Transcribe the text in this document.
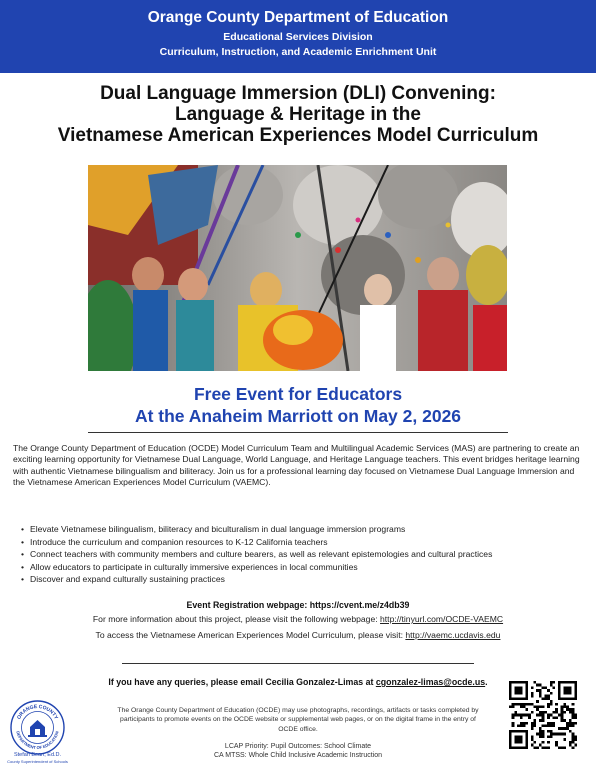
Orange County Department of Education
Educational Services Division
Curriculum, Instruction, and Academic Enrichment Unit
Dual Language Immersion (DLI) Convening:
Language & Heritage in the
Vietnamese American Experiences Model Curriculum
Free Event for Educators
At the Anaheim Marriott on May 2, 2026

The Orange County Department of Education (OCDE) Model Curriculum Team and Multilingual Academic Services (MAS) are partnering to create an exciting learning opportunity for Vietnamese Dual Language, World Language, and Heritage Language teachers. This event bridges heritage learning with authentic Vietnamese bilingualism and biliteracy. Join us for a professional learning day focused on Vietnamese Dual Language Immersion and the Vietnamese American Experiences Model Curriculum (VAEMC).

• Elevate Vietnamese bilingualism, biliteracy and biculturalism in dual language immersion programs
• Introduce the curriculum and companion resources to K-12 California teachers
• Connect teachers with community members and culture bearers, as well as relevant epistemologies and cultural practices
• Allow educators to participate in culturally immersive experiences in local communities
• Discover and expand culturally sustaining practices
Event Registration webpage: https://cvent.me/z4db39
For more information about this project, please visit the following webpage: http://tinyurl.com/OCDE-VAEMC
To access the Vietnamese American Experiences Model Curriculum, please visit: http://vaemc.ucdavis.edu
If you have any queries, please email Cecilia Gonzalez-Limas at cgonzalez-limas@ocde.us.
ORANGE COUNTY
DEPARTMENT OF EDUCATION
Stefan Bean, Ed.D.
County Superintendent of Schools
The Orange County Department of Education (OCDE) may use photographs, recordings, artifacts or tasks completed by participants to promote events on the OCDE website or supplemental web pages, or on the digital frame in the entry of OCDE office.
LCAP Priority: Pupil Outcomes: School Climate
CA MTSS: Whole Child Inclusive Academic Instruction
